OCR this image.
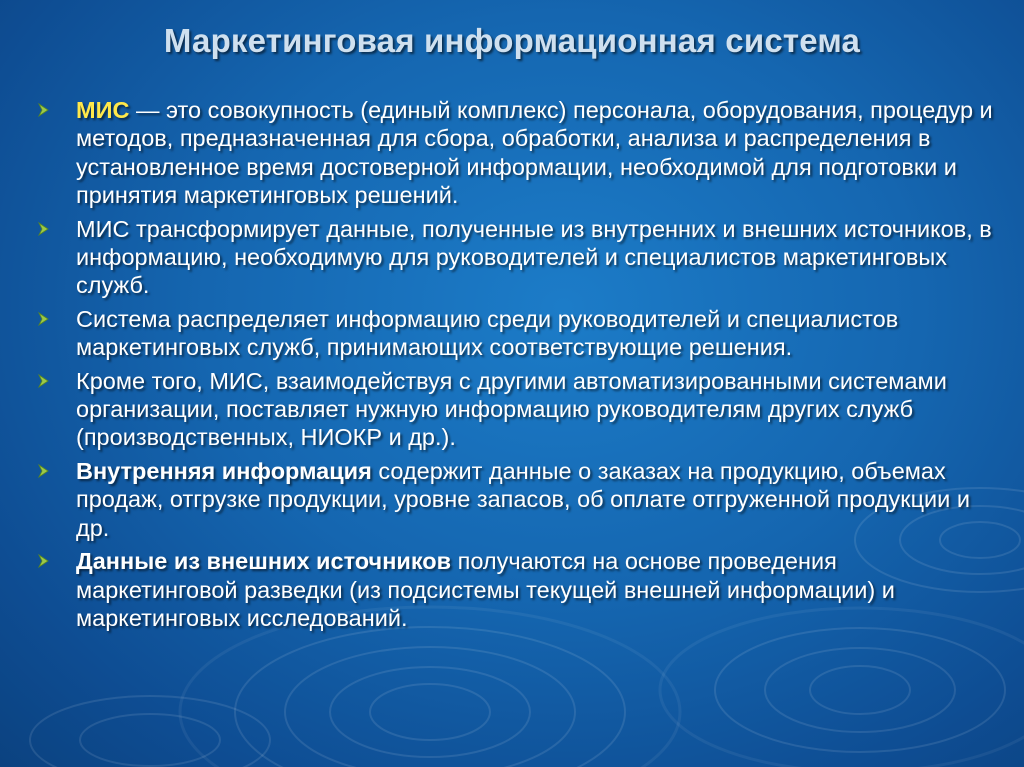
Маркетинговая информационная система
МИС — это совокупность (единый комплекс) персонала, оборудования, процедур и методов, предназначенная для сбора, обработки, анализа и распределения в установленное время достоверной информации, необходимой для подготовки и принятия маркетинговых решений.
МИС трансформирует данные, полученные из внутренних и внешних источников, в информацию, необходимую для руководителей и специалистов маркетинговых служб.
Система распределяет информацию среди руководителей и специалистов маркетинговых служб, принимающих соответствующие решения.
Кроме того, МИС, взаимодействуя с другими автоматизированными системами организации, поставляет нужную информацию руководителям других служб (производственных, НИОКР и др.).
Внутренняя информация содержит данные о заказах на продукцию, объемах продаж, отгрузке продукции, уровне запасов, об оплате отгруженной продукции и др.
Данные из внешних источников получаются на основе проведения маркетинговой разведки (из подсистемы текущей внешней информации) и маркетинговых исследований.
